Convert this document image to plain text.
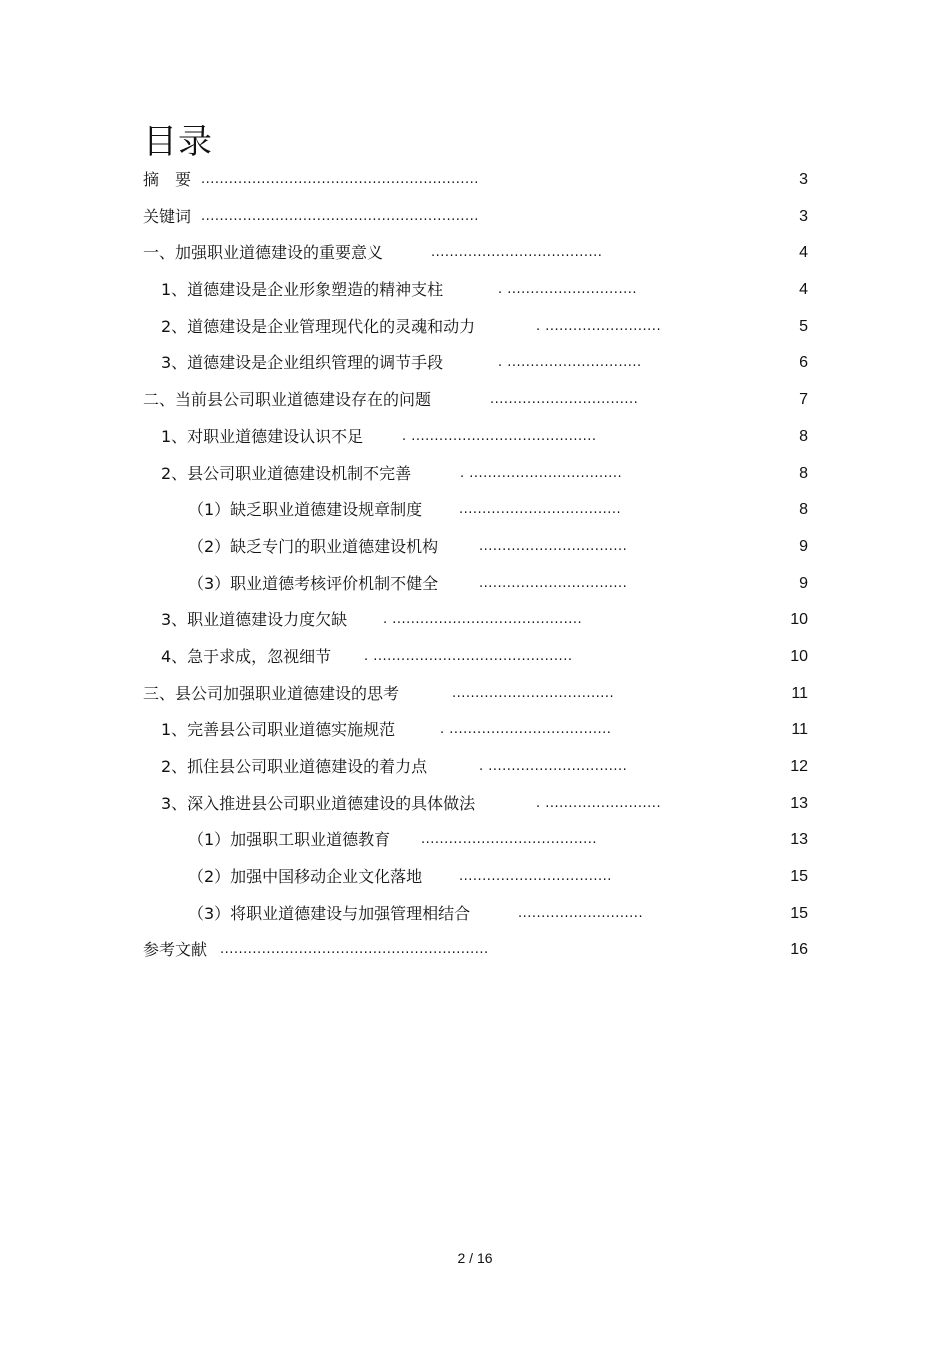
目录
摘　要 ............................................................	3
关键词 ............................................................	3
一、加强职业道德建设的重要意义	.....................................	4
1、道德建设是企业形象塑造的精神支柱	. ............................	4
2、道德建设是企业管理现代化的灵魂和动力	. .........................	5
3、道德建设是企业组织管理的调节手段	. .............................	6
二、当前县公司职业道德建设存在的问题	................................	7
1、对职业道德建设认识不足	. ........................................	8
2、县公司职业道德建设机制不完善	. .................................	8
（1）缺乏职业道德建设规章制度	...................................	8
（2）缺乏专门的职业道德建设机构	................................	9
（3）职业道德考核评价机制不健全	................................	9
3、职业道德建设力度欠缺	. .........................................	10
4、急于求成，忽视细节	. ...........................................	10
三、县公司加强职业道德建设的思考	...................................	11
1、完善县公司职业道德实施规范	. ...................................	11
2、抓住县公司职业道德建设的着力点	. ..............................	12
3、深入推进县公司职业道德建设的具体做法	. .........................	13
（1）加强职工职业道德教育 ......................................	13
（2）加强中国移动企业文化落地	.................................	15
（3）将职业道德建设与加强管理相结合	...........................	15
参考文献 ..........................................................	16
2 / 16
